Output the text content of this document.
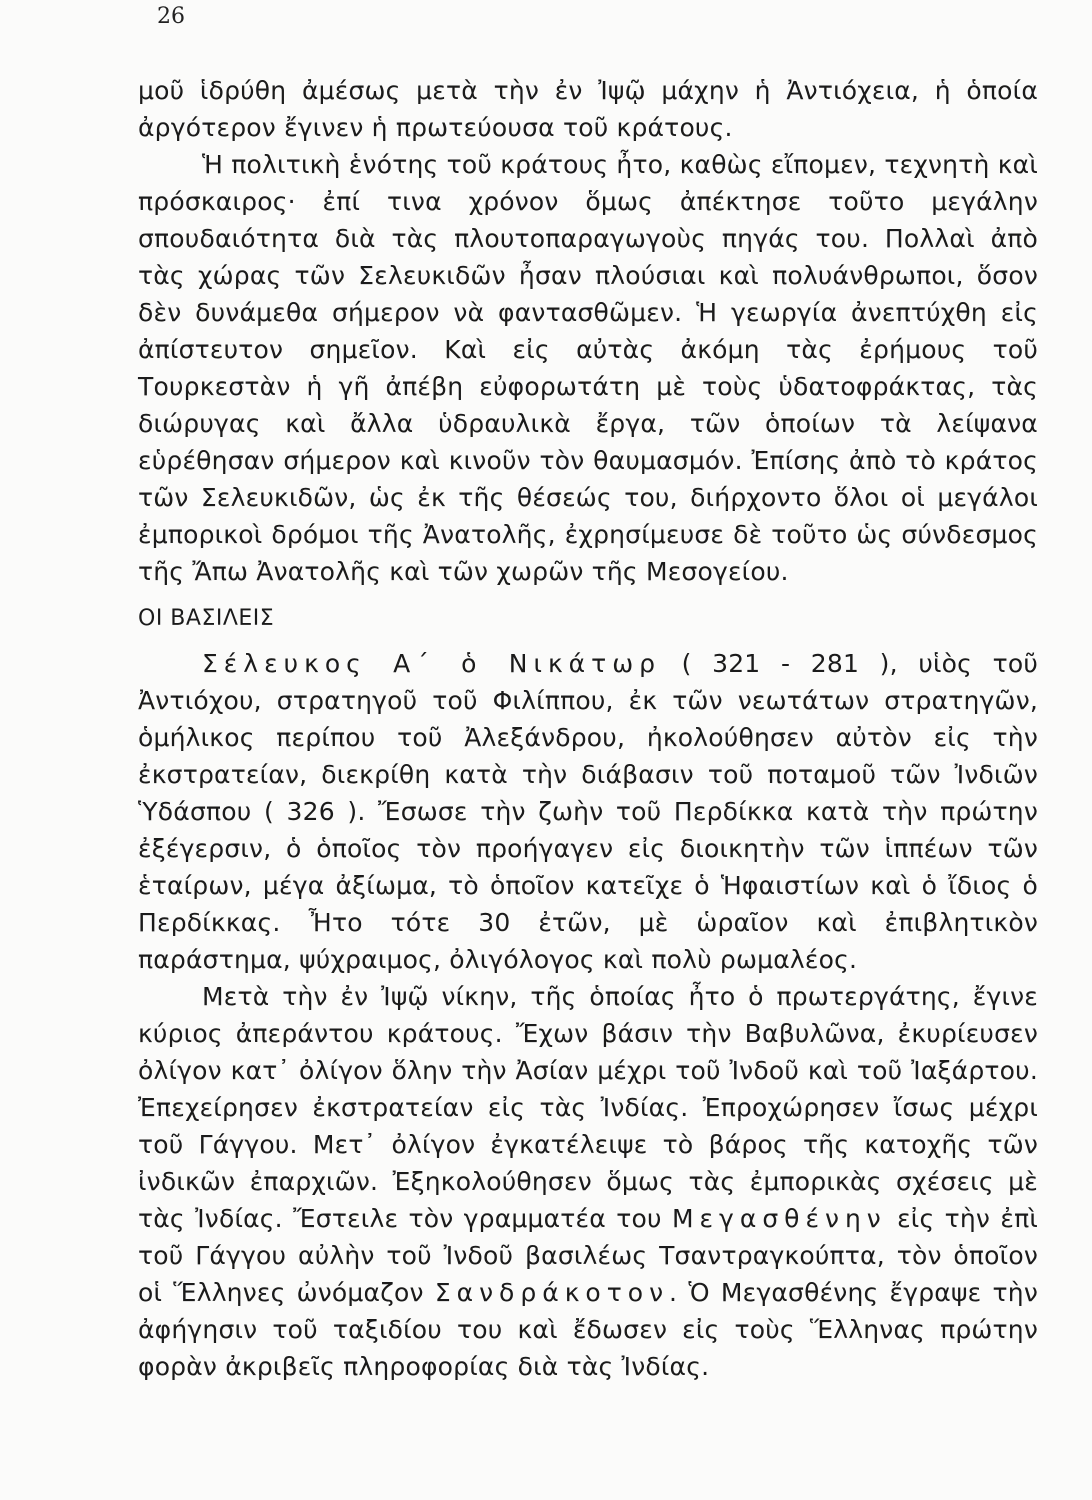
26

μοῦ ἱδρύθη ἀμέσως μετὰ τὴν ἐν Ἰψῷ μάχην ἡ Ἀντιόχεια, ἡ ὁποία ἀργότερον ἔγινεν ἡ πρωτεύουσα τοῦ κράτους.

Ἡ πολιτικὴ ἑνότης τοῦ κράτους ἦτο, καθὼς εἴπομεν, τεχνητὴ καὶ πρόσκαιρος· ἐπί τινα χρόνον ὅμως ἀπέκτησε τοῦτο μεγάλην σπουδαιότητα διὰ τὰς πλουτοπαραγωγοὺς πηγάς του. Πολλαὶ ἀπὸ τὰς χώρας τῶν Σελευκιδῶν ἦσαν πλούσιαι καὶ πολυάνθρωποι, ὅσον δὲν δυνάμεθα σήμερον νὰ φαντασθῶμεν. Ἡ γεωργία ἀνεπτύχθη εἰς ἀπίστευτον σημεῖον. Καὶ εἰς αὐτὰς ἀκόμη τὰς ἐρήμους τοῦ Τουρκεστὰν ἡ γῆ ἀπέβη εὐφορωτάτη μὲ τοὺς ὑδατοφράκτας, τὰς διώρυγας καὶ ἄλλα ὑδραυλικὰ ἔργα, τῶν ὁποίων τὰ λείψανα εὑρέθησαν σήμερον καὶ κινοῦν τὸν θαυμασμόν. Ἐπίσης ἀπὸ τὸ κράτος τῶν Σελευκιδῶν, ὡς ἐκ τῆς θέσεώς του, διήρχοντο ὅλοι οἱ μεγάλοι ἐμπορικοὶ δρόμοι τῆς Ἀνατολῆς, ἐχρησίμευσε δὲ τοῦτο ὡς σύνδεσμος τῆς Ἄπω Ἀνατολῆς καὶ τῶν χωρῶν τῆς Μεσογείου.

ΟΙ ΒΑΣΙΛΕΙΣ

Σέλευκος Α΄ ὁ Νικάτωρ ( 321 - 281 ), υἱὸς τοῦ Ἀντιόχου, στρατηγοῦ τοῦ Φιλίππου, ἐκ τῶν νεωτάτων στρατηγῶν, ὁμήλικος περίπου τοῦ Ἀλεξάνδρου, ἠκολούθησεν αὐτὸν εἰς τὴν ἐκστρατείαν, διεκρίθη κατὰ τὴν διάβασιν τοῦ ποταμοῦ τῶν Ἰνδιῶν Ὑδάσπου ( 326 ). Ἔσωσε τὴν ζωὴν τοῦ Περδίκκα κατὰ τὴν πρώτην ἐξέγερσιν, ὁ ὁποῖος τὸν προήγαγεν εἰς διοικητὴν τῶν ἱππέων τῶν ἑταίρων, μέγα ἀξίωμα, τὸ ὁποῖον κατεῖχε ὁ Ἡφαιστίων καὶ ὁ ἴδιος ὁ Περδίκκας. Ἦτο τότε 30 ἐτῶν, μὲ ὡραῖον καὶ ἐπιβλητικὸν παράστημα, ψύχραιμος, ὀλιγόλογος καὶ πολὺ ρωμαλέος.

Μετὰ τὴν ἐν Ἰψῷ νίκην, τῆς ὁποίας ἦτο ὁ πρωτεργάτης, ἔγινε κύριος ἀπεράντου κράτους. Ἔχων βάσιν τὴν Βαβυλῶνα, ἐκυρίευσεν ὀλίγον κατ᾽ ὀλίγον ὅλην τὴν Ἀσίαν μέχρι τοῦ Ἰνδοῦ καὶ τοῦ Ἰαξάρτου. Ἐπεχείρησεν ἐκστρατείαν εἰς τὰς Ἰνδίας. Ἐπροχώρησεν ἴσως μέχρι τοῦ Γάγγου. Μετ᾽ ὀλίγον ἐγκατέλειψε τὸ βάρος τῆς κατοχῆς τῶν ἰνδικῶν ἐπαρχιῶν. Ἐξηκολούθησεν ὅμως τὰς ἐμπορικὰς σχέσεις μὲ τὰς Ἰνδίας. Ἔστειλε τὸν γραμματέα του Μεγασθένην εἰς τὴν ἐπὶ τοῦ Γάγγου αὐλὴν τοῦ Ἰνδοῦ βασιλέως Τσαντραγκούπτα, τὸν ὁποῖον οἱ Ἕλληνες ὠνόμαζον Σανδράκοτον. Ὁ Μεγασθένης ἔγραψε τὴν ἀφήγησιν τοῦ ταξιδίου του καὶ ἔδωσεν εἰς τοὺς Ἕλληνας πρώτην φορὰν ἀκριβεῖς πληροφορίας διὰ τὰς Ἰνδίας.
